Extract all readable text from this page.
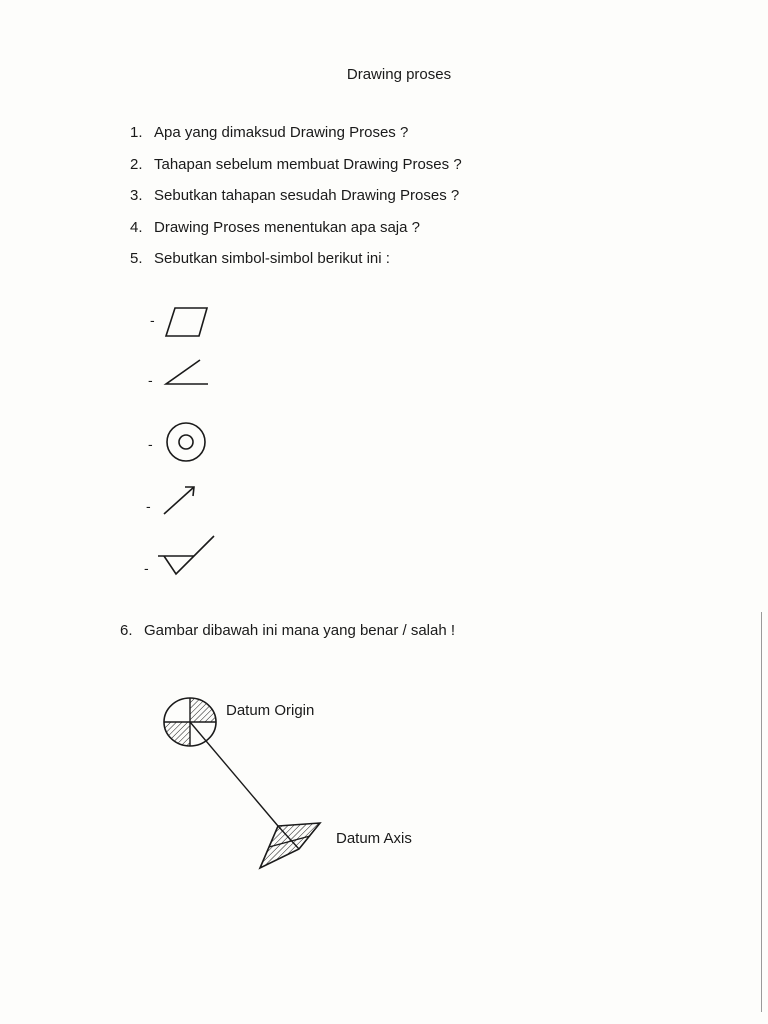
Drawing proses
1. Apa yang dimaksud Drawing Proses ?
2. Tahapan sebelum membuat Drawing Proses ?
3. Sebutkan tahapan sesudah Drawing Proses ?
4. Drawing Proses menentukan apa saja ?
5. Sebutkan simbol-simbol berikut ini :
-
-
-
-
-
6. Gambar dibawah ini mana yang benar / salah !
Datum Origin
Datum Axis
